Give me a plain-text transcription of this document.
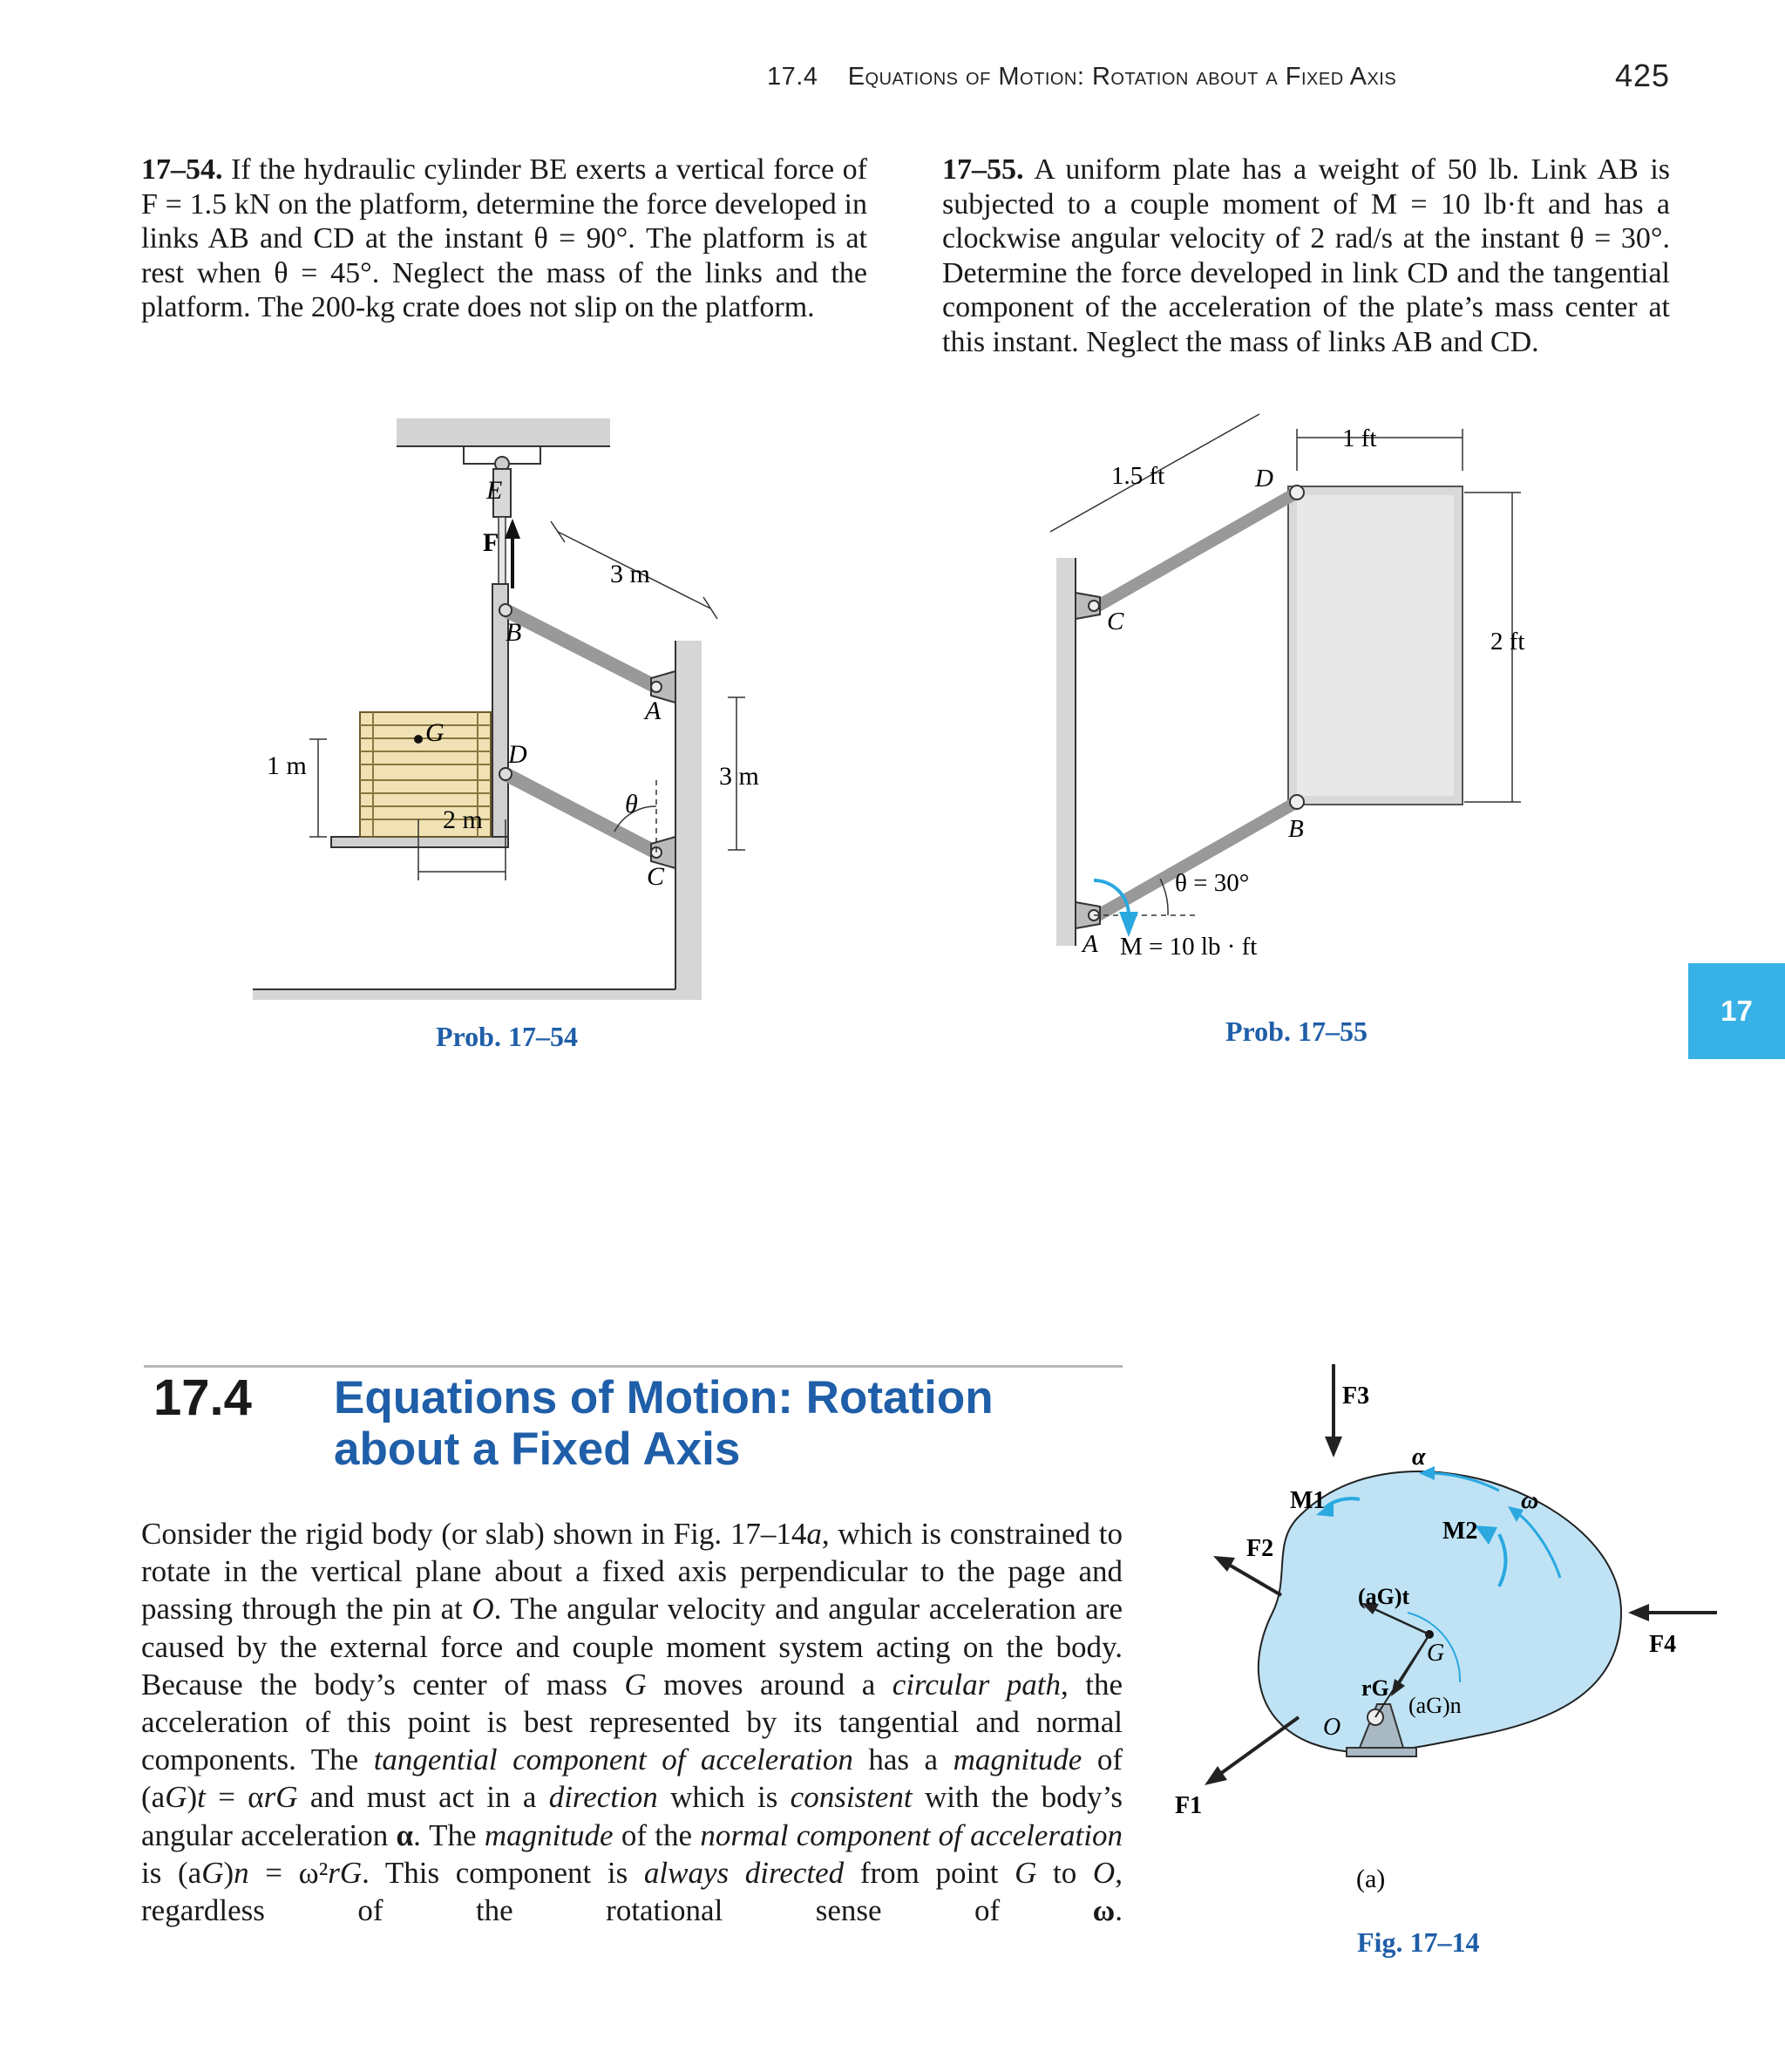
17.4 Equations of Motion: Rotation about a Fixed Axis	425
17–54. If the hydraulic cylinder BE exerts a vertical force of F = 1.5 kN on the platform, determine the force developed in links AB and CD at the instant θ = 90°. The platform is at rest when θ = 45°. Neglect the mass of the links and the platform. The 200-kg crate does not slip on the platform.
17–55. A uniform plate has a weight of 50 lb. Link AB is subjected to a couple moment of M = 10 lb·ft and has a clockwise angular velocity of 2 rad/s at the instant θ = 30°. Determine the force developed in link CD and the tangential component of the acceleration of the plate’s mass center at this instant. Neglect the mass of links AB and CD.
E
F
B
A
C
D
G
θ
3 m
3 m
1 m
2 m
Prob. 17–54
1.5 ft
1 ft
2 ft
D
C
B
A
θ = 30°
M = 10 lb · ft
Prob. 17–55
17
17.4 Equations of Motion: Rotation
about a Fixed Axis
Consider the rigid body (or slab) shown in Fig. 17–14a, which is constrained to rotate in the vertical plane about a fixed axis perpendicular to the page and passing through the pin at O. The angular velocity and angular acceleration are caused by the external force and couple moment system acting on the body. Because the body’s center of mass G moves around a circular path, the acceleration of this point is best represented by its tangential and normal components. The tangential component of acceleration has a magnitude of (aG)t = αrG and must act in a direction which is consistent with the body’s angular acceleration α. The magnitude of the normal component of acceleration is (aG)n = ω²rG. This component is always directed from point G to O, regardless of the rotational sense of ω.
F3
F2
F4
F1
M1
M2
α
ω
(aG)t
G
rG
(aG)n
O
(a)
Fig. 17–14
